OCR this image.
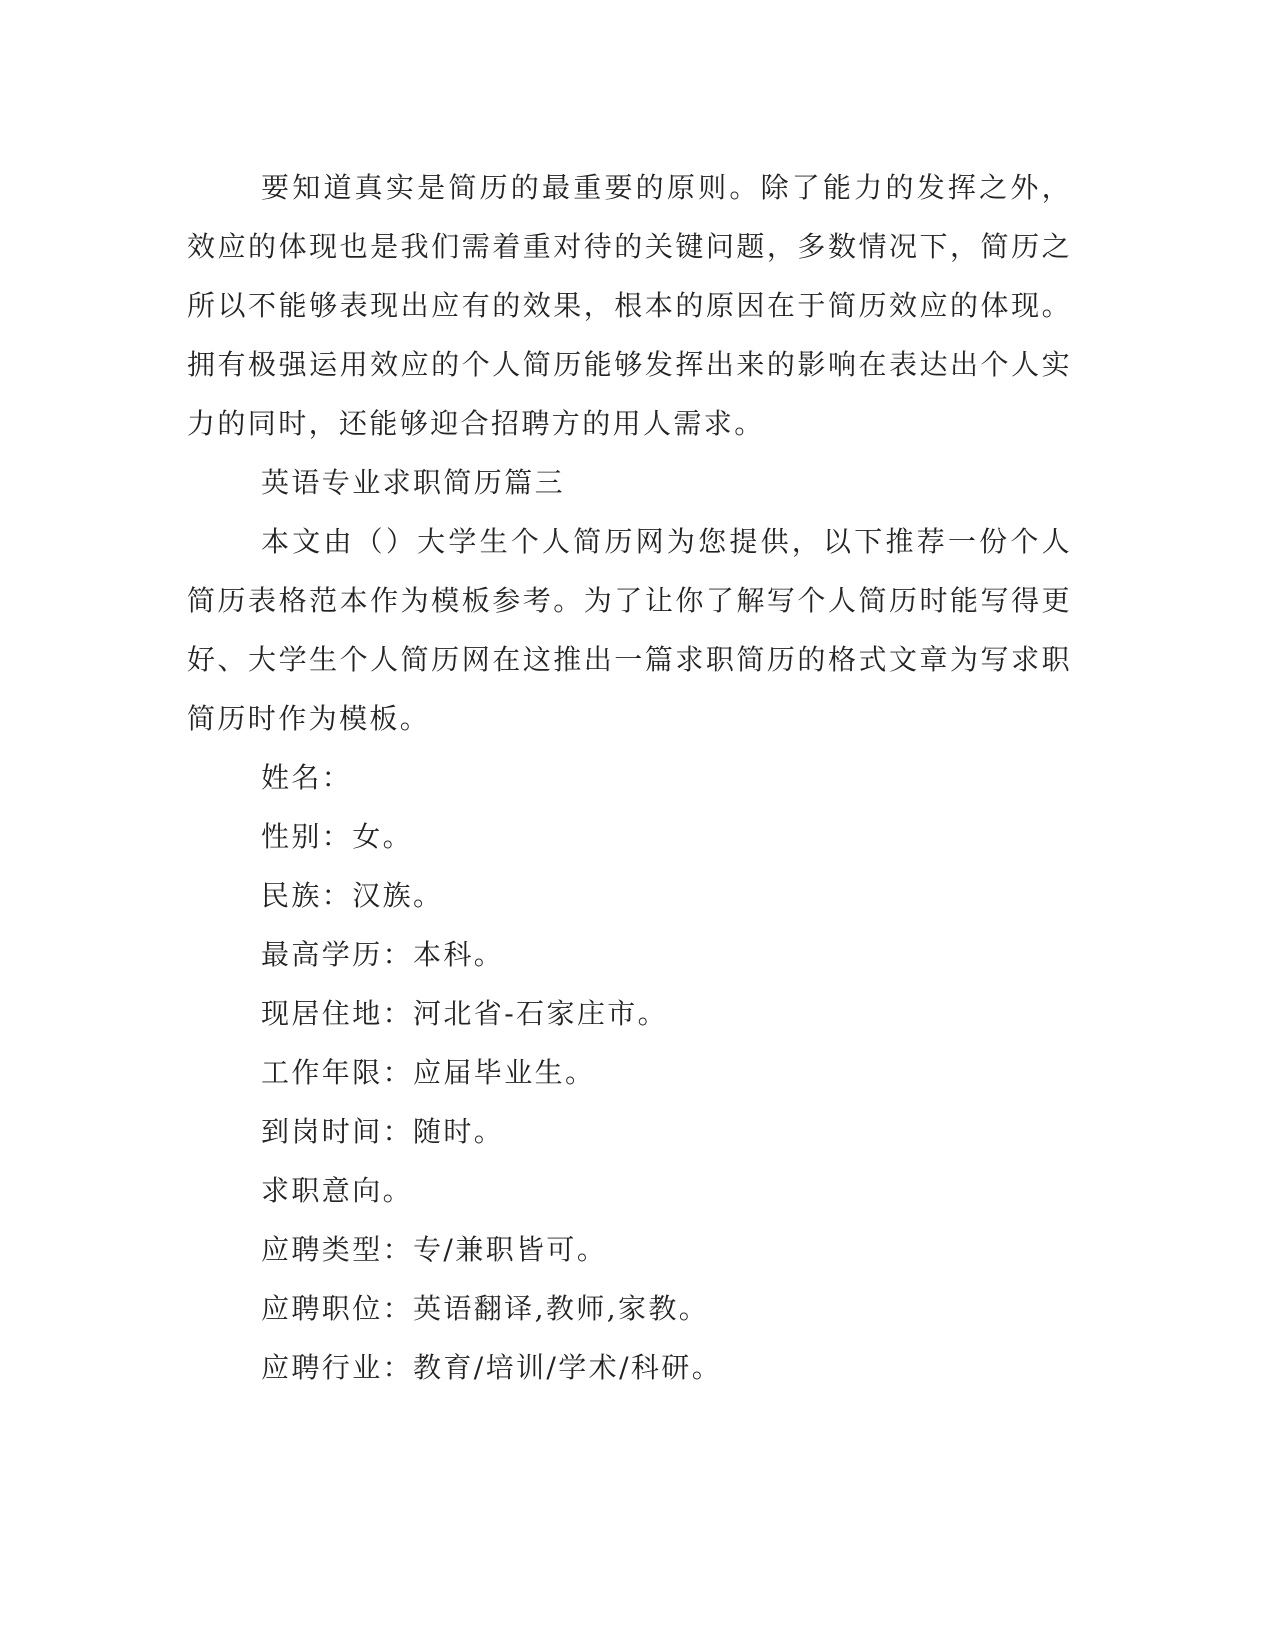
要知道真实是简历的最重要的原则。除了能力的发挥之外，效应的体现也是我们需着重对待的关键问题，多数情况下，简历之所以不能够表现出应有的效果，根本的原因在于简历效应的体现。拥有极强运用效应的个人简历能够发挥出来的影响在表达出个人实力的同时，还能够迎合招聘方的用人需求。

英语专业求职简历篇三

本文由（）大学生个人简历网为您提供，以下推荐一份个人简历表格范本作为模板参考。为了让你了解写个人简历时能写得更好、大学生个人简历网在这推出一篇求职简历的格式文章为写求职简历时作为模板。

姓名：

性别：女。

民族：汉族。

最高学历：本科。

现居住地：河北省-石家庄市。

工作年限：应届毕业生。

到岗时间：随时。

求职意向。

应聘类型：专/兼职皆可。

应聘职位：英语翻译,教师,家教。

应聘行业：教育/培训/学术/科研。
